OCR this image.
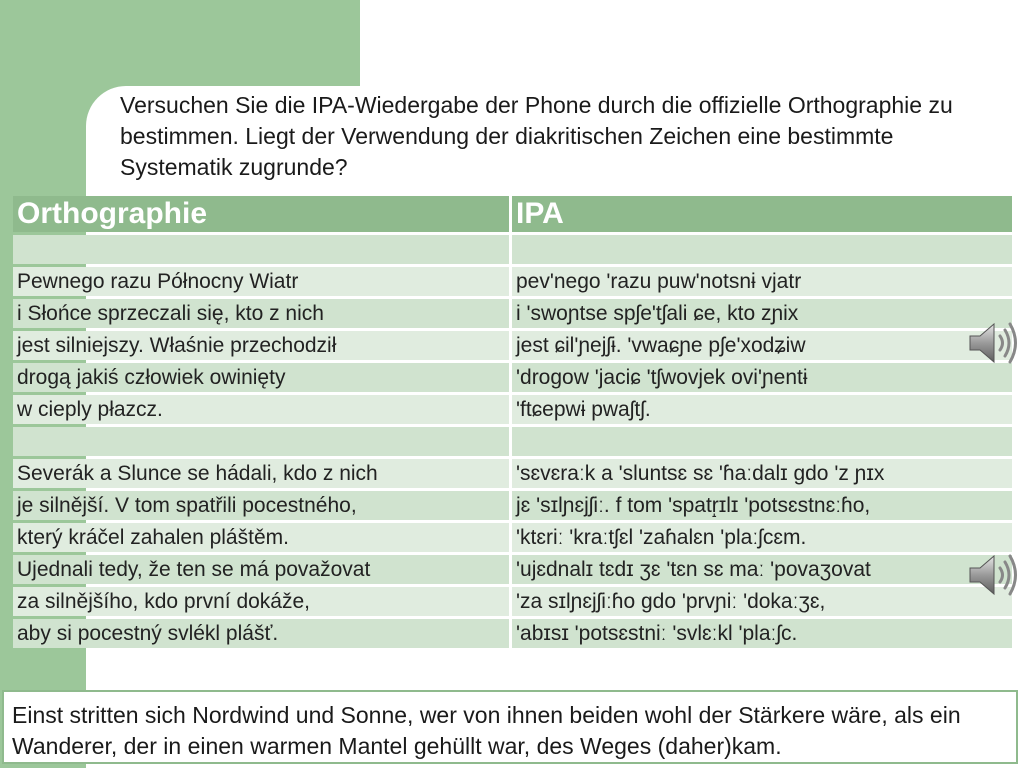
Versuchen Sie die IPA-Wiedergabe der Phone durch die offizielle Orthographie zu bestimmen. Liegt der Verwendung der diakritischen Zeichen eine bestimmte Systematik zugrunde?

Orthographie	IPA

Pewnego razu Północny Wiatr	pev'nego 'razu puw'notsnɨ vjatr
i Słońce sprzeczali się, kto z nich	i 'swoɲtse spʃe'tʃali ɕe, kto zɲix
jest silniejszy. Właśnie przechodził	jest ɕil'ɲejʃɨ. 'vwaɕɲe pʃe'xodʑiw
drogą jakiś człowiek owinięty	'drogow 'jaciɕ 'tʃwovjek ovi'ɲentɨ
w cieply płazcz.	'ftɕepwɨ pwaʃtʃ.

Severák a Slunce se hádali, kdo z nich	'sɛvɛraːk a 'sluntsɛ sɛ 'ɦaːdalɪ gdo 'z ɲɪx
je silnější. V tom spatřili pocestného,	jɛ 'sɪlɲɛjʃiː. f tom 'spatr̝ɪlɪ 'potsɛstnɛːɦo,
který kráčel zahalen pláštěm.	'ktɛriː 'kraːtʃɛl 'zaɦalɛn 'plaːʃcɛm.
Ujednali tedy, že ten se má považovat	'ujɛdnalɪ tɛdɪ ʒɛ 'tɛn sɛ maː 'povaʒovat
za silnějšího, kdo první dokáže,	'za sɪlɲɛjʃiːɦo gdo 'prvɲiː 'dokaːʒɛ,
aby si pocestný svlékl plášť.	'abɪsɪ 'potsɛstniː 'svlɛːkl 'plaːʃc.
Einst stritten sich Nordwind und Sonne, wer von ihnen beiden wohl der Stärkere wäre, als ein Wanderer, der in einen warmen Mantel gehüllt war, des Weges (daher)kam.
